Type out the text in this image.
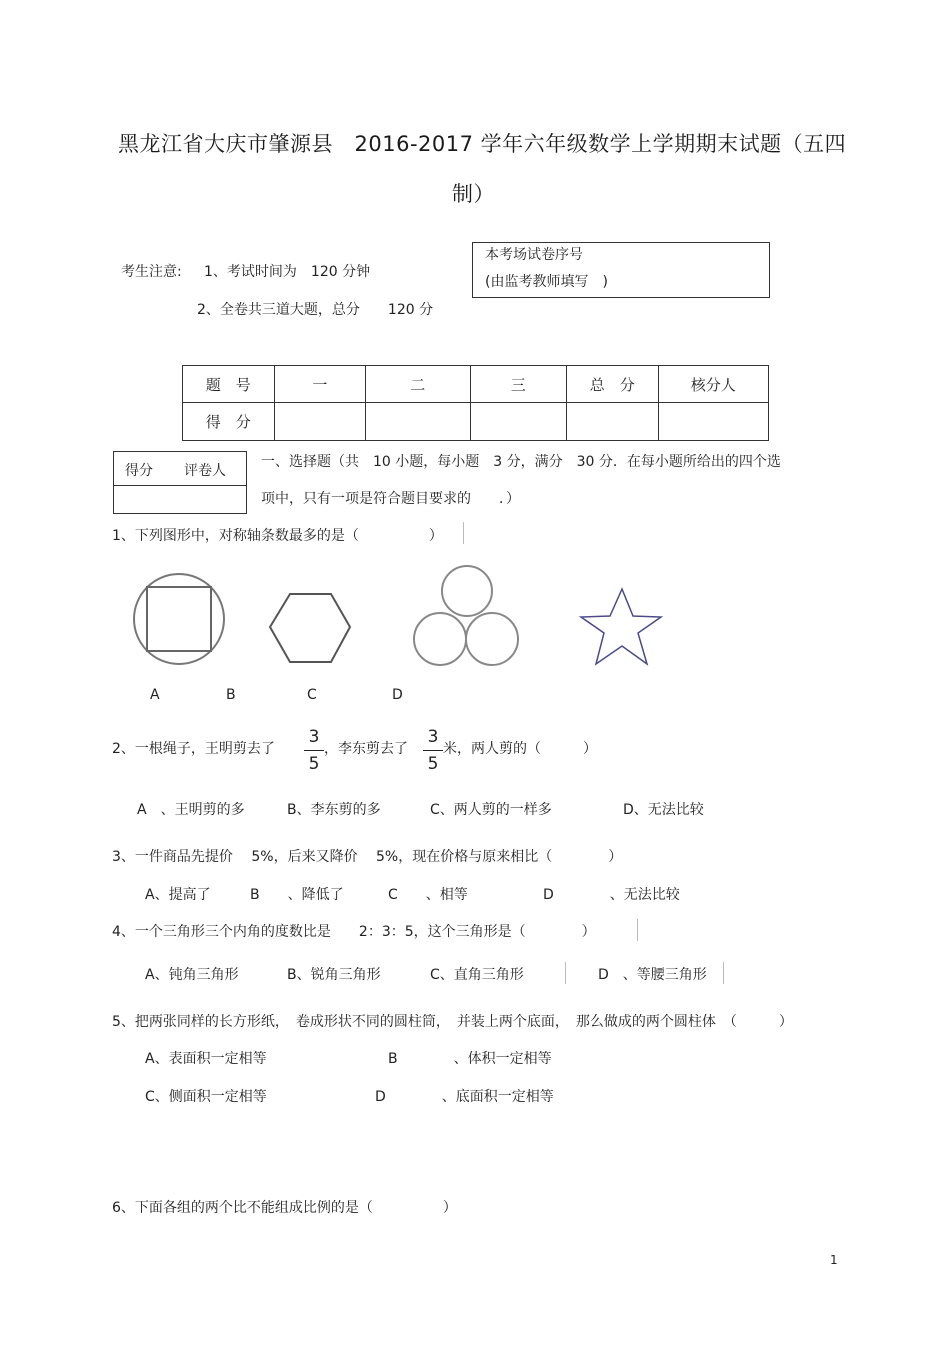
黑龙江省大庆市肇源县　2016-2017 学年六年级数学上学期期末试题（五四
制）
考生注意: 1、考试时间为　120 分钟
2、全卷共三道大题，总分　　120 分
本考场试卷序号
(由监考教师填写　)
题　号	一	二	三	总　分	核分人
得　分					
得分 评卷人
一、选择题（共　10 小题，每小题　3 分，满分　30 分．在每小题所给出的四个选
项中，只有一项是符合题目要求的　　．）
1、下列图形中，对称轴条数最多的是（　　　　　）
A	B	C	D
2、一根绳子，王明剪去了
3
5
，李东剪去了
3
5
米，两人剪的（　　　）
A　、王明剪的多	B、李东剪的多	C、两人剪的一样多	D、无法比较
3、一件商品先提价　 5%，后来又降价　 5%，现在价格与原来相比（　　　　）
A、提高了	B　　、降低了	C　　、相等	D　　　　、无法比较
4、一个三角形三个内角的度数比是　　2：3：5，这个三角形是（　　　　）
A、钝角三角形	B、锐角三角形	C、直角三角形	D　、等腰三角形
5、把两张同样的长方形纸，　卷成形状不同的圆柱筒，　并装上两个底面，　那么做成的两个圆柱体　（　　　）
A、表面积一定相等	B　　　　、体积一定相等
C、侧面积一定相等	D　　　　、底面积一定相等
6、下面各组的两个比不能组成比例的是（　　　　　）
1
